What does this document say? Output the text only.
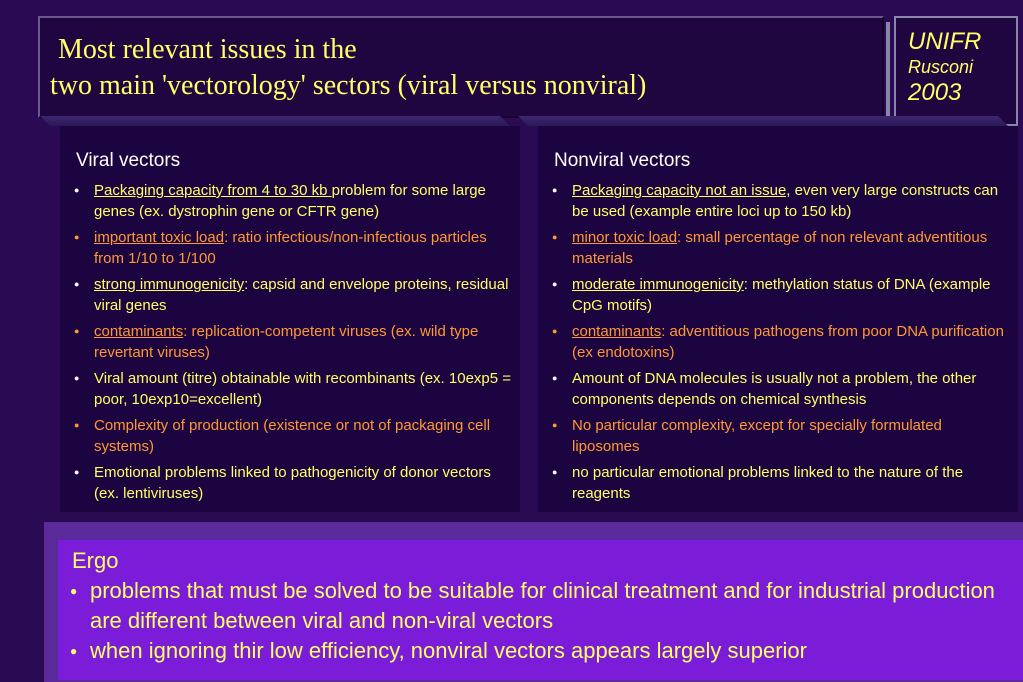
Most relevant issues in the
two main 'vectorology' sectors (viral versus nonviral)
UNIFR
Rusconi
2003
Viral vectors
● Packaging capacity from 4 to 30 kb problem for some large genes (ex. dystrophin gene or CFTR gene)
● important toxic load: ratio infectious/non-infectious particles from 1/10 to 1/100
● strong immunogenicity: capsid and envelope proteins, residual viral genes
● contaminants: replication-competent viruses (ex. wild type revertant viruses)
● Viral amount (titre) obtainable with recombinants (ex. 10exp5 = poor, 10exp10=excellent)
● Complexity of production (existence or not of packaging cell systems)
● Emotional problems linked to pathogenicity of donor vectors (ex. lentiviruses)
Nonviral vectors
● Packaging capacity not an issue, even very large constructs can be used (example entire loci up to 150 kb)
● minor toxic load: small percentage of non relevant adventitious materials
● moderate immunogenicity: methylation status of DNA (example CpG motifs)
● contaminants: adventitious pathogens from poor DNA purification (ex endotoxins)
● Amount of DNA molecules is usually not a problem, the other components depends on chemical synthesis
● No particular complexity, except for specially formulated liposomes
● no particular emotional problems linked to the nature of the reagents
Ergo
● problems that must be solved to be suitable for clinical treatment and for industrial production are different between viral and non-viral vectors
● when ignoring thir low efficiency, nonviral vectors appears largely superior
